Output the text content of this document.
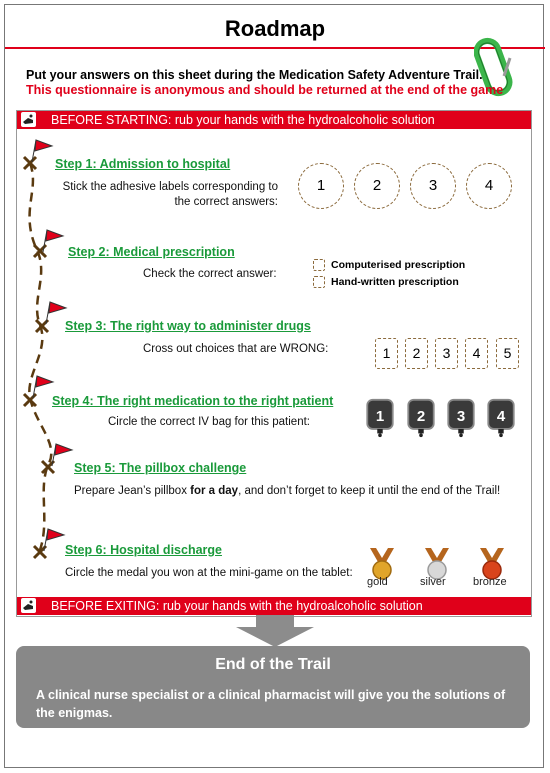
Roadmap
Put your answers on this sheet during the Medication Safety Adventure Trail.
This questionnaire is anonymous and should be returned at the end of the game
BEFORE STARTING: rub your hands with the hydroalcoholic solution
Step 1: Admission to hospital
Stick the adhesive labels corresponding to
the correct answers:
1	2	3	4
Step 2: Medical prescription
Check the correct answer:
Computerised prescription
Hand-written prescription
Step 3: The right way to administer drugs
Cross out choices that are WRONG:	1	2	3	4	5
Step 4: The right medication to the right patient
Circle the correct IV bag for this patient:	1	2	3	4
Step 5: The pillbox challenge
Prepare Jean’s pillbox for a day, and don’t forget to keep it until the end of the Trail!
Step 6: Hospital discharge
Circle the medal you won at the mini-game on the tablet:
gold	silver bronze
BEFORE EXITING: rub your hands with the hydroalcoholic solution
End of the Trail
A clinical nurse specialist or a clinical pharmacist will give you the solutions of the enigmas.
